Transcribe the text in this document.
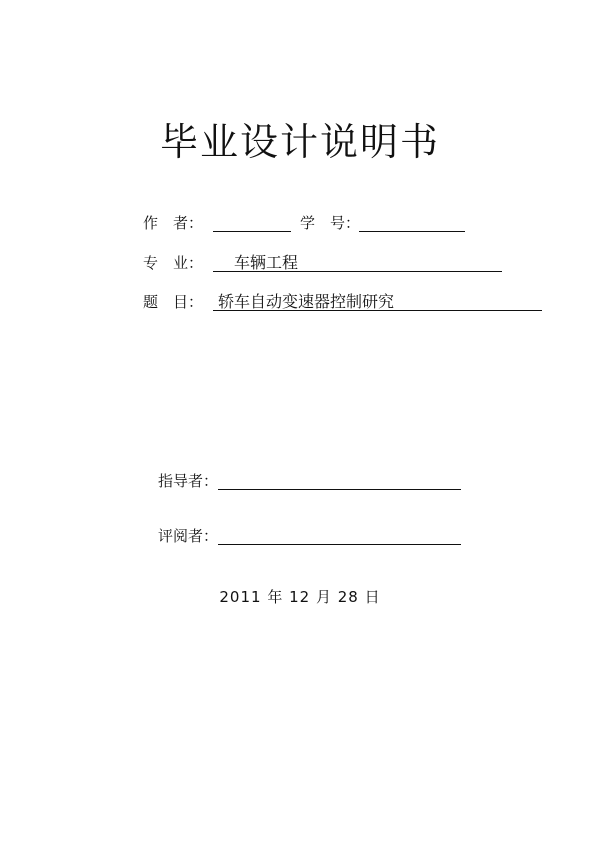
毕业设计说明书
作　者：	学　号：
专　业： 车辆工程
题　目： 轿车自动变速器控制研究
指导者：
评阅者：
2011 年 12 月 28 日
